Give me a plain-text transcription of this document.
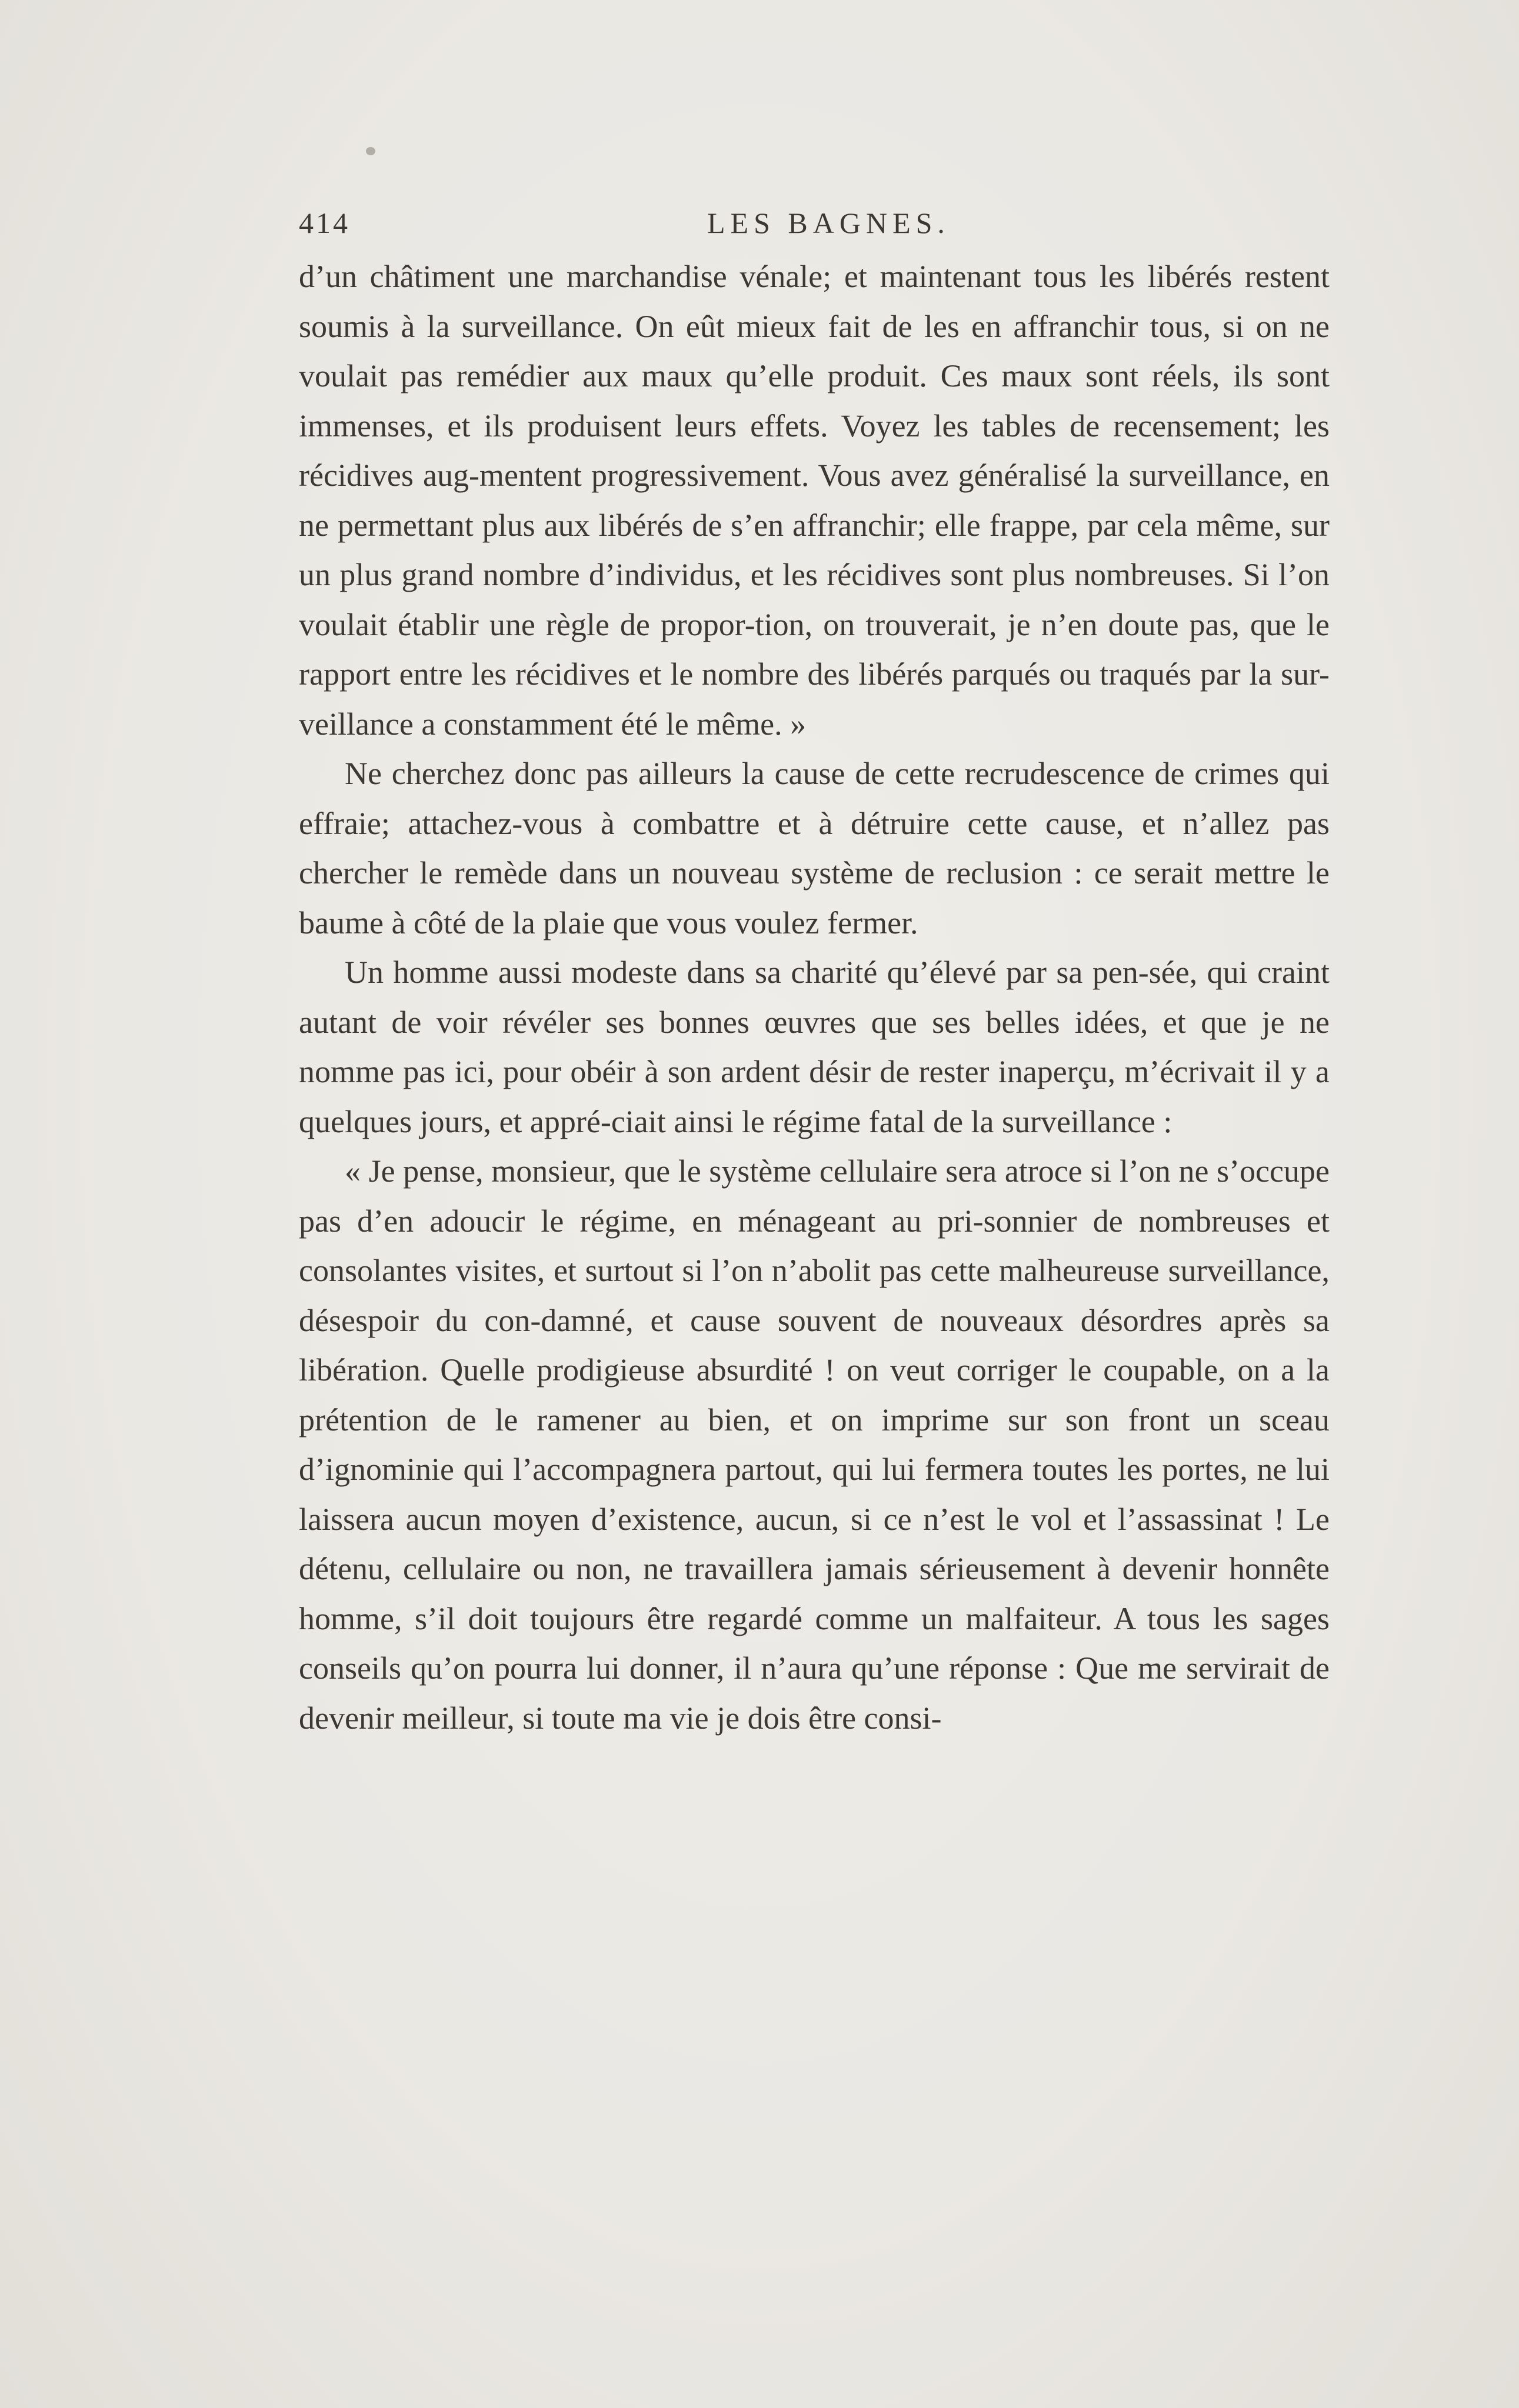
414	LES BAGNES.

d’un châtiment une marchandise vénale; et maintenant tous les libérés restent soumis à la surveillance. On eût mieux fait de les en affranchir tous, si on ne voulait pas remédier aux maux qu’elle produit. Ces maux sont réels, ils sont immenses, et ils produisent leurs effets. Voyez les tables de recensement; les récidives aug-mentent progressivement. Vous avez généralisé la surveillance, en ne permettant plus aux libérés de s’en affranchir; elle frappe, par cela même, sur un plus grand nombre d’individus, et les récidives sont plus nombreuses. Si l’on voulait établir une règle de propor-tion, on trouverait, je n’en doute pas, que le rapport entre les récidives et le nombre des libérés parqués ou traqués par la sur-veillance a constamment été le même. »

Ne cherchez donc pas ailleurs la cause de cette recrudescence de crimes qui effraie; attachez-vous à combattre et à détruire cette cause, et n’allez pas chercher le remède dans un nouveau système de reclusion : ce serait mettre le baume à côté de la plaie que vous voulez fermer.

Un homme aussi modeste dans sa charité qu’élevé par sa pen-sée, qui craint autant de voir révéler ses bonnes œuvres que ses belles idées, et que je ne nomme pas ici, pour obéir à son ardent désir de rester inaperçu, m’écrivait il y a quelques jours, et appré-ciait ainsi le régime fatal de la surveillance :

« Je pense, monsieur, que le système cellulaire sera atroce si l’on ne s’occupe pas d’en adoucir le régime, en ménageant au pri-sonnier de nombreuses et consolantes visites, et surtout si l’on n’abolit pas cette malheureuse surveillance, désespoir du con-damné, et cause souvent de nouveaux désordres après sa libération. Quelle prodigieuse absurdité ! on veut corriger le coupable, on a la prétention de le ramener au bien, et on imprime sur son front un sceau d’ignominie qui l’accompagnera partout, qui lui fermera toutes les portes, ne lui laissera aucun moyen d’existence, aucun, si ce n’est le vol et l’assassinat ! Le détenu, cellulaire ou non, ne travaillera jamais sérieusement à devenir honnête homme, s’il doit toujours être regardé comme un malfaiteur. A tous les sages conseils qu’on pourra lui donner, il n’aura qu’une réponse : Que me servirait de devenir meilleur, si toute ma vie je dois être consi-
